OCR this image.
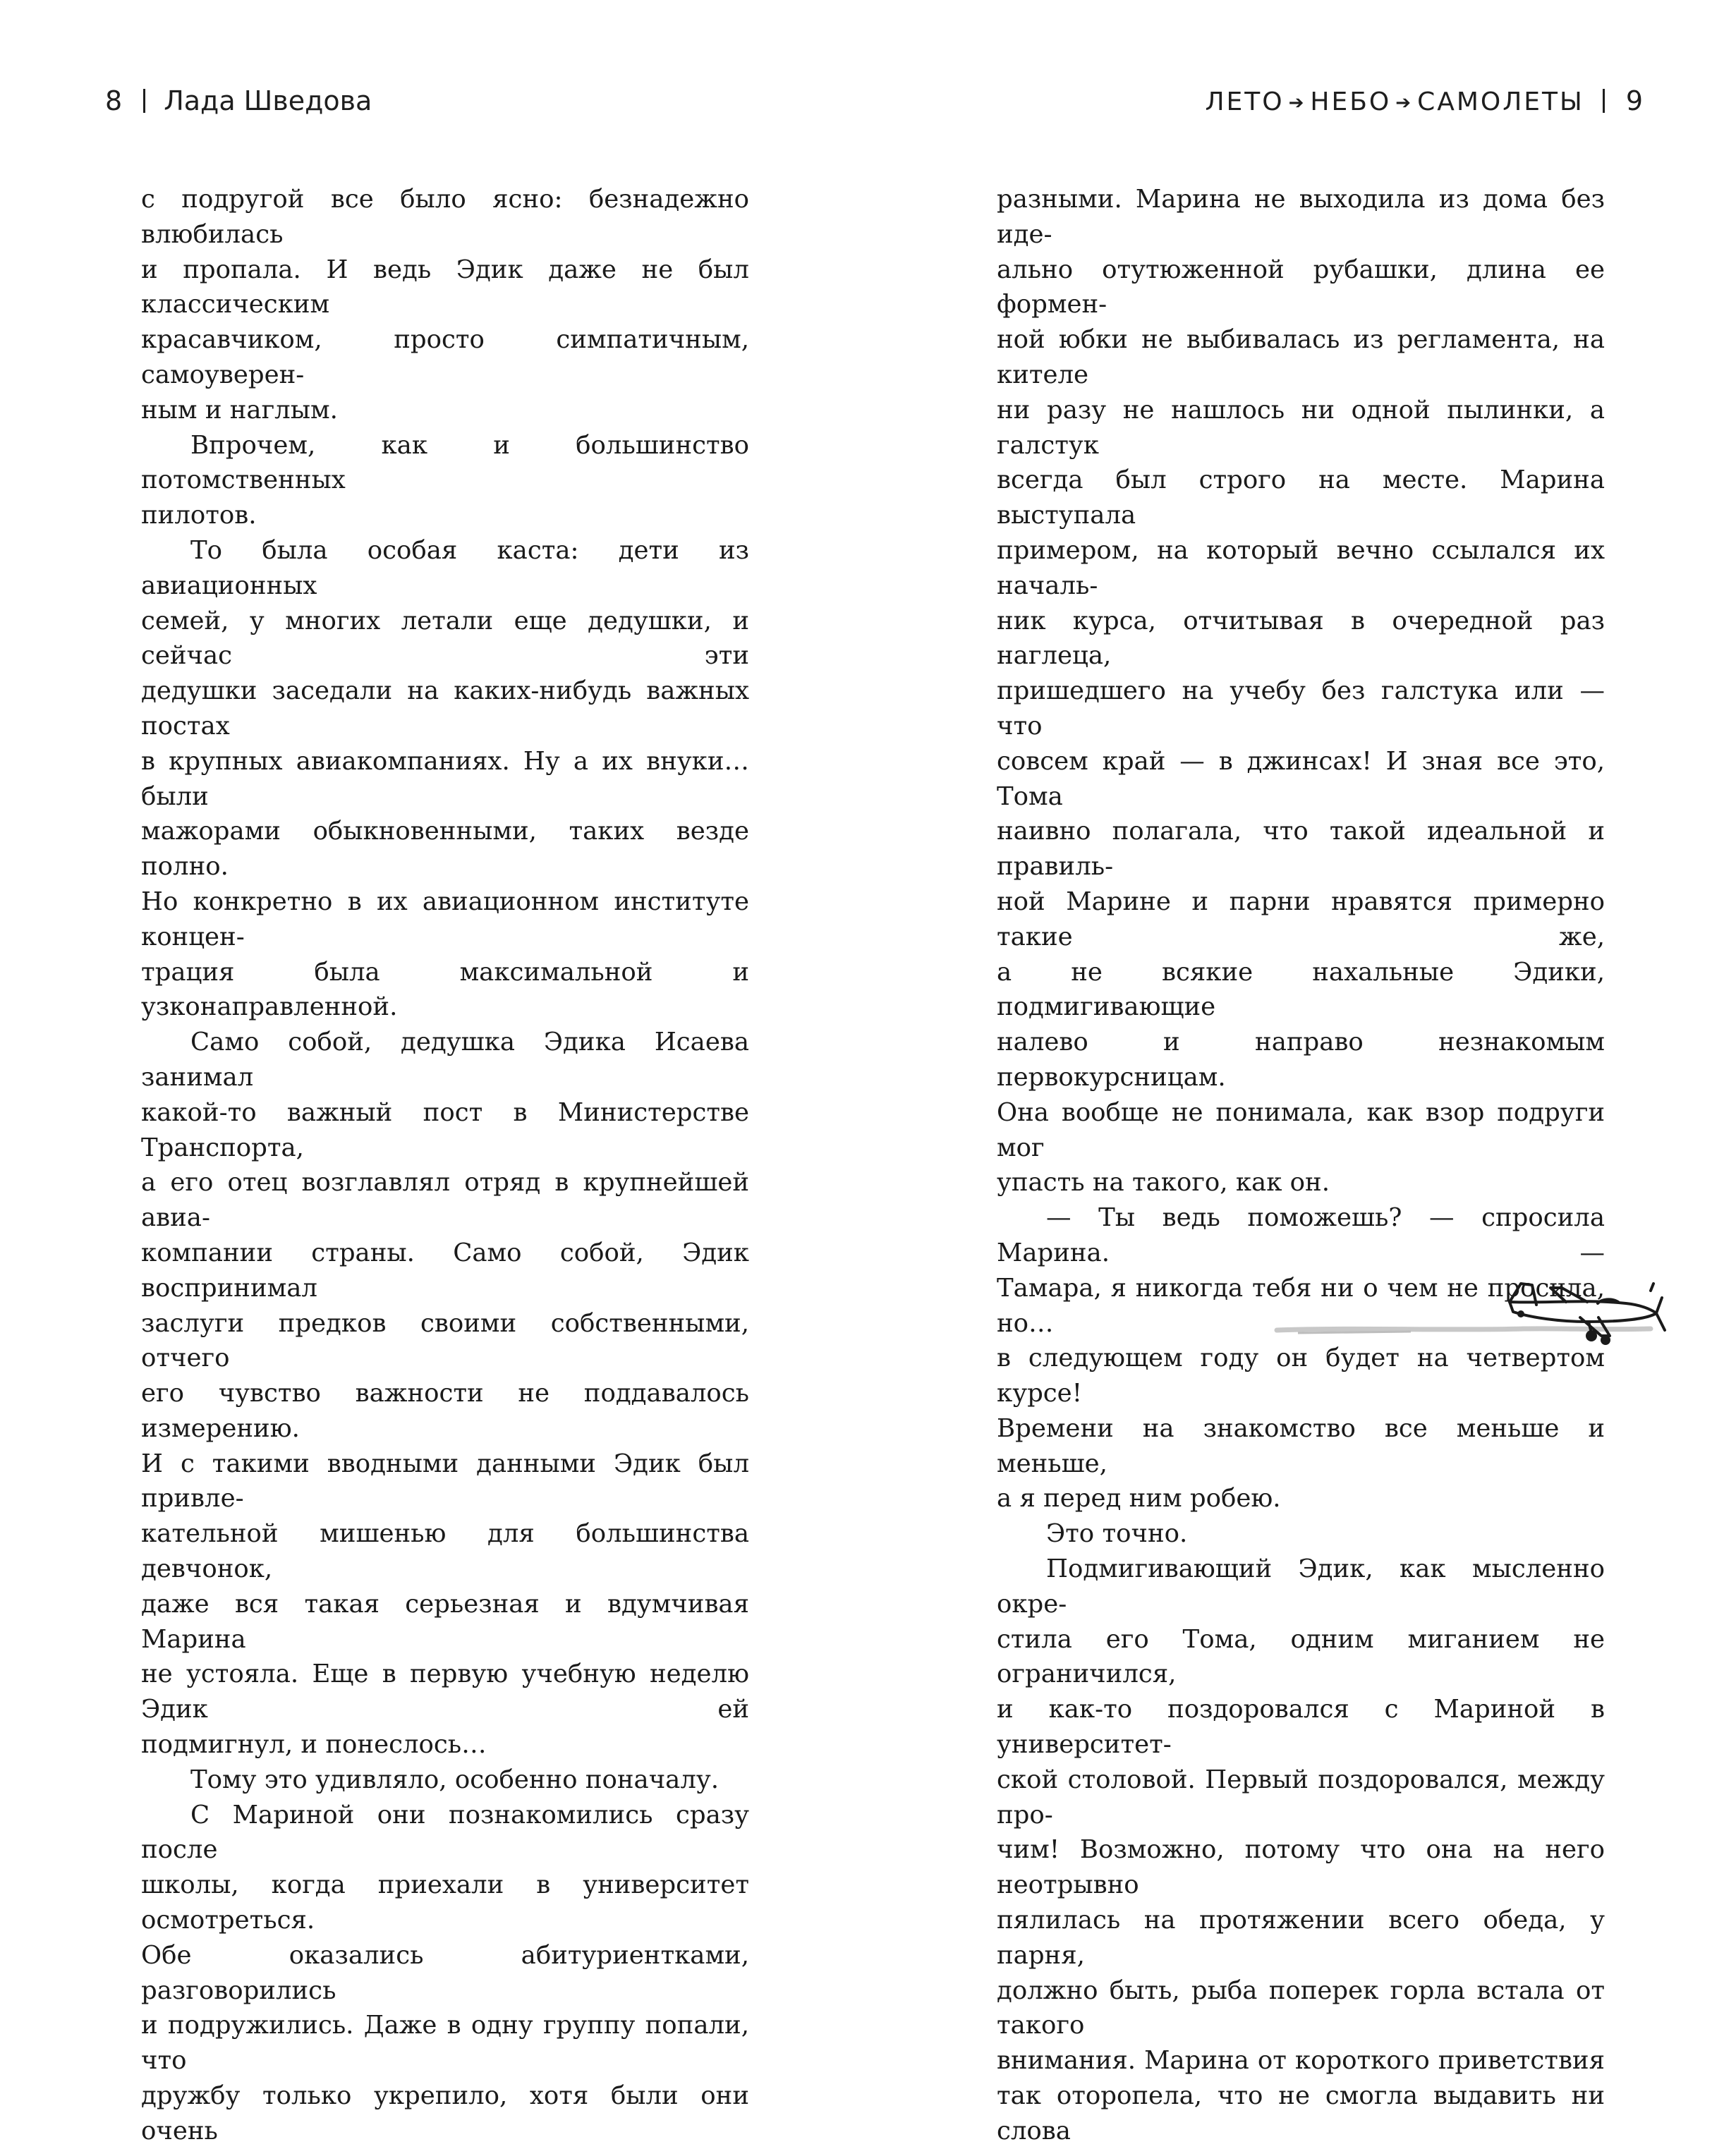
8 Лада Шведова	ЛЕТО ➔ НЕБО ➔ САМОЛЕТЫ 9

с подругой все было ясно: безнадежно влюбилась

и пропала. И ведь Эдик даже не был классическим

красавчиком, просто симпатичным, самоуверен-

ным и наглым.

Впрочем, как и большинство потомственных

пилотов.

То была особая каста: дети из авиационных

семей, у многих летали еще дедушки, и сейчас эти

дедушки заседали на каких-нибудь важных постах

в крупных авиакомпаниях. Ну а их внуки… были

мажорами обыкновенными, таких везде полно.

Но конкретно в их авиационном институте концен-

трация была максимальной и узконаправленной.

Само собой, дедушка Эдика Исаева занимал

какой-то важный пост в Министерстве Транспорта,

а его отец возглавлял отряд в крупнейшей авиа-

компании страны. Само собой, Эдик воспринимал

заслуги предков своими собственными, отчего

его чувство важности не поддавалось измерению.

И с такими вводными данными Эдик был привле-

кательной мишенью для большинства девчонок,

даже вся такая серьезная и вдумчивая Марина

не устояла. Еще в первую учебную неделю Эдик ей

подмигнул, и понеслось…

Тому это удивляло, особенно поначалу.

С Мариной они познакомились сразу после

школы, когда приехали в университет осмотреться.

Обе оказались абитуриентками, разговорились

и подружились. Даже в одну группу попали, что

дружбу только укрепило, хотя были они очень

разными. Марина не выходила из дома без иде-

ально отутюженной рубашки, длина ее формен-

ной юбки не выбивалась из регламента, на кителе

ни разу не нашлось ни одной пылинки, а галстук

всегда был строго на месте. Марина выступала

примером, на который вечно ссылался их началь-

ник курса, отчитывая в очередной раз наглеца,

пришедшего на учебу без галстука или — что

совсем край — в джинсах! И зная все это, Тома

наивно полагала, что такой идеальной и правиль-

ной Марине и парни нравятся примерно такие же,

а не всякие нахальные Эдики, подмигивающие

налево и направо незнакомым первокурсницам.

Она вообще не понимала, как взор подруги мог

упасть на такого, как он.

— Ты ведь поможешь? — спросила Марина. —

Тамара, я никогда тебя ни о чем не просила, но…

в следующем году он будет на четвертом курсе!

Времени на знакомство все меньше и меньше,

а я перед ним робею.

Это точно.

Подмигивающий Эдик, как мысленно окре-

стила его Тома, одним миганием не ограничился,

и как-то поздоровался с Мариной в университет-

ской столовой. Первый поздоровался, между про-

чим! Возможно, потому что она на него неотрывно

пялилась на протяжении всего обеда, у парня,

должно быть, рыба поперек горла встала от такого

внимания. Марина от короткого приветствия

так оторопела, что не смогла выдавить ни слова
